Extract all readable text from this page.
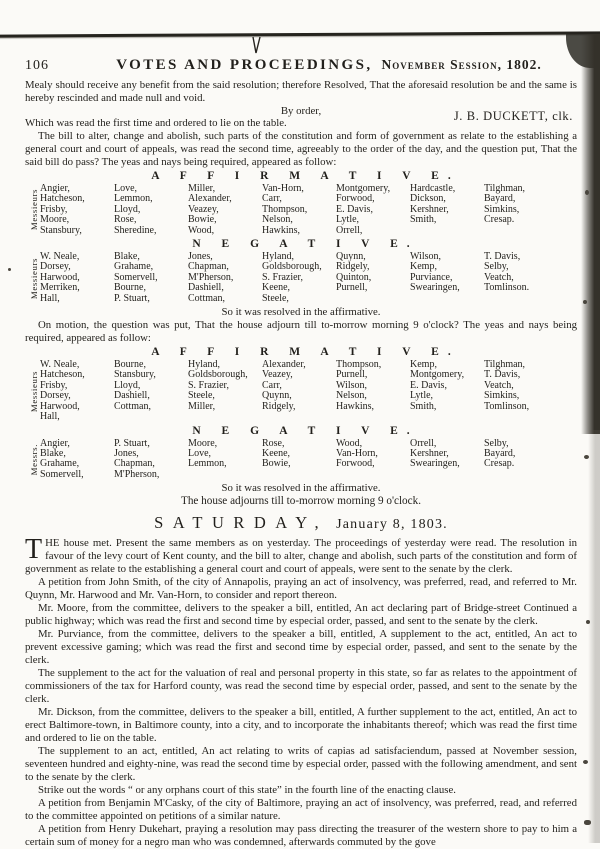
106	VOTES AND PROCEEDINGS, November Session, 1802.

Mealy should receive any benefit from the said resolution; therefore Resolved, That the aforesaid resolution be and the same is hereby rescinded and made null and void.

By order,

Which was read the first time and ordered to lie on the table.	J. B. DUCKETT, clk.

The bill to alter, change and abolish, such parts of the constitution and form of government as relate to the establishing a general court and court of appeals, was read the second time, agreeably to the order of the day, and the question put, That the said bill do pass? The yeas and nays being required, appeared as follow:

A F F I R M A T I V E.
Messieurs
Angier,
Hatcheson,
Frisby,
Moore,
Stansbury,
Love,
Lemmon,
Lloyd,
Rose,
Sheredine,
Miller,
Alexander,
Veazey,
Bowie,
Wood,
Van-Horn,
Carr,
Thompson,
Nelson,
Hawkins,
Montgomery,
Forwood,
E. Davis,
Lytle,
Orrell,
Hardcastle,
Dickson,
Kershner,
Smith,
Tilghman,
Bayard,
Simkins,
Cresap.
N E G A T I V E.
Messieurs
W. Neale,
Dorsey,
Harwood,
Merriken,
Hall,
Blake,
Grahame,
Somervell,
Bourne,
P. Stuart,
Jones,
Chapman,
M'Pherson,
Dashiell,
Cottman,
Hyland,
Goldsborough,
S. Frazier,
Keene,
Steele,
Quynn,
Ridgely,
Quinton,
Purnell,
Wilson,
Kemp,
Purviance,
Swearingen,
T. Davis,
Selby,
Veatch,
Tomlinson.
So it was resolved in the affirmative.

On motion, the question was put, That the house adjourn till to-morrow morning 9 o'clock? The yeas and nays being required, appeared as follow:

A F F I R M A T I V E.
Messieurs
W. Neale,
Hatcheson,
Frisby,
Dorsey,
Harwood,
Hall,
Bourne,
Stansbury,
Lloyd,
Dashiell,
Cottman,
Hyland,
Goldsborough,
S. Frazier,
Steele,
Miller,
Alexander,
Veazey,
Carr,
Quynn,
Ridgely,
Thompson,
Purnell,
Wilson,
Nelson,
Hawkins,
Kemp,
Montgomery,
E. Davis,
Lytle,
Smith,
Tilghman,
T. Davis,
Veatch,
Simkins,
Tomlinson,
N E G A T I V E.
Messrs.
Angier,
Blake,
Grahame,
Somervell,
P. Stuart,
Jones,
Chapman,
M'Pherson,
Moore,
Love,
Lemmon,
Rose,
Keene,
Bowie,
Wood,
Van-Horn,
Forwood,
Orrell,
Kershner,
Swearingen,
Selby,
Bayard,
Cresap.
So it was resolved in the affirmative.
The house adjourns till to-morrow morning 9 o'clock.
SATURDAY, January 8, 1803.

THE house met. Present the same members as on yesterday. The proceedings of yesterday were read. The resolution in favour of the levy court of Kent county, and the bill to alter, change and abolish, such parts of the constitution and form of government as relate to the establishing a general court and court of appeals, were sent to the senate by the clerk.

A petition from John Smith, of the city of Annapolis, praying an act of insolvency, was preferred, read, and referred to Mr. Quynn, Mr. Harwood and Mr. Van-Horn, to consider and report thereon.

Mr. Moore, from the committee, delivers to the speaker a bill, entitled, An act declaring part of Bridge-street Continued a public highway; which was read the first and second time by especial order, passed, and sent to the senate by the clerk.

Mr. Purviance, from the committee, delivers to the speaker a bill, entitled, A supplement to the act, entitled, An act to prevent excessive gaming; which was read the first and second time by especial order, passed, and sent to the senate by the clerk.

The supplement to the act for the valuation of real and personal property in this state, so far as relates to the appointment of commissioners of the tax for Harford county, was read the second time by especial order, passed, and sent to the senate by the clerk.

Mr. Dickson, from the committee, delivers to the speaker a bill, entitled, A further supplement to the act, entitled, An act to erect Baltimore-town, in Baltimore county, into a city, and to incorporate the inhabitants thereof; which was read the first time and ordered to lie on the table.

The supplement to an act, entitled, An act relating to writs of capias ad satisfaciendum, passed at November session, seventeen hundred and eighty-nine, was read the second time by especial order, passed with the following amendment, and sent to the senate by the clerk.

Strike out the words “ or any orphans court of this state” in the fourth line of the enacting clause.

A petition from Benjamin M'Casky, of the city of Baltimore, praying an act of insolvency, was preferred, read, and referred to the committee appointed on petitions of a similar nature.

A petition from Henry Dukehart, praying a resolution may pass directing the treasurer of the western shore to pay to him a certain sum of money for a negro man who was condemned, afterwards commuted by the gove
